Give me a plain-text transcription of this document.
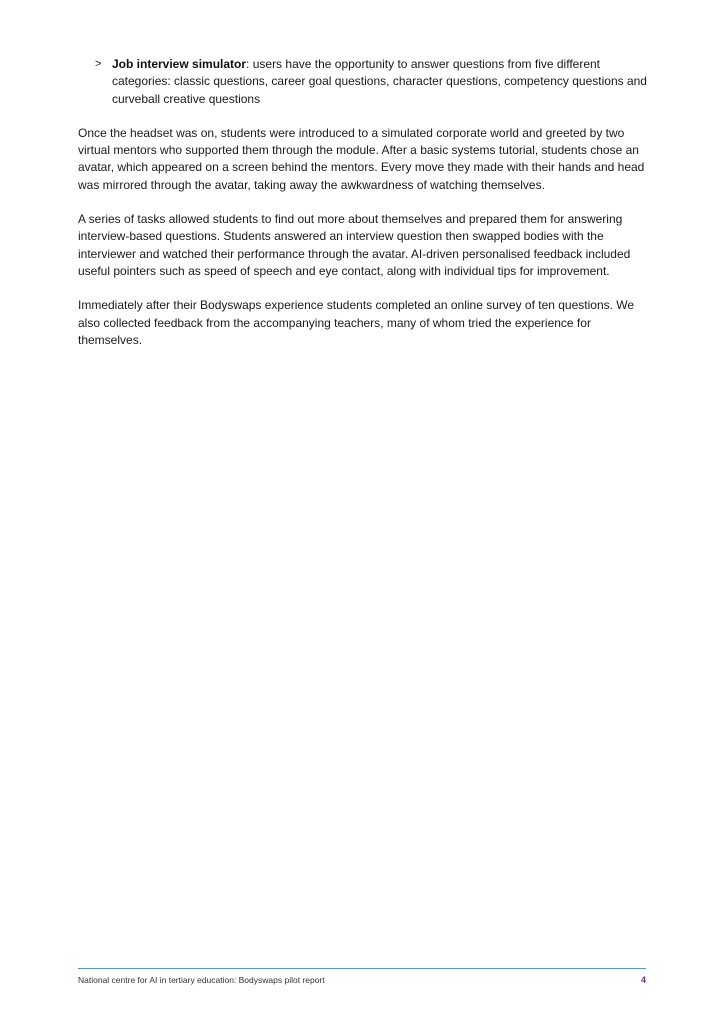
> Job interview simulator: users have the opportunity to answer questions from five different categories: classic questions, career goal questions, character questions, competency questions and curveball creative questions

Once the headset was on, students were introduced to a simulated corporate world and greeted by two virtual mentors who supported them through the module. After a basic systems tutorial, students chose an avatar, which appeared on a screen behind the mentors. Every move they made with their hands and head was mirrored through the avatar, taking away the awkwardness of watching themselves.

A series of tasks allowed students to find out more about themselves and prepared them for answering interview-based questions. Students answered an interview question then swapped bodies with the interviewer and watched their performance through the avatar. AI-driven personalised feedback included useful pointers such as speed of speech and eye contact, along with individual tips for improvement.

Immediately after their Bodyswaps experience students completed an online survey of ten questions. We also collected feedback from the accompanying teachers, many of whom tried the experience for themselves.

National centre for AI in tertiary education: Bodyswaps pilot report	4
